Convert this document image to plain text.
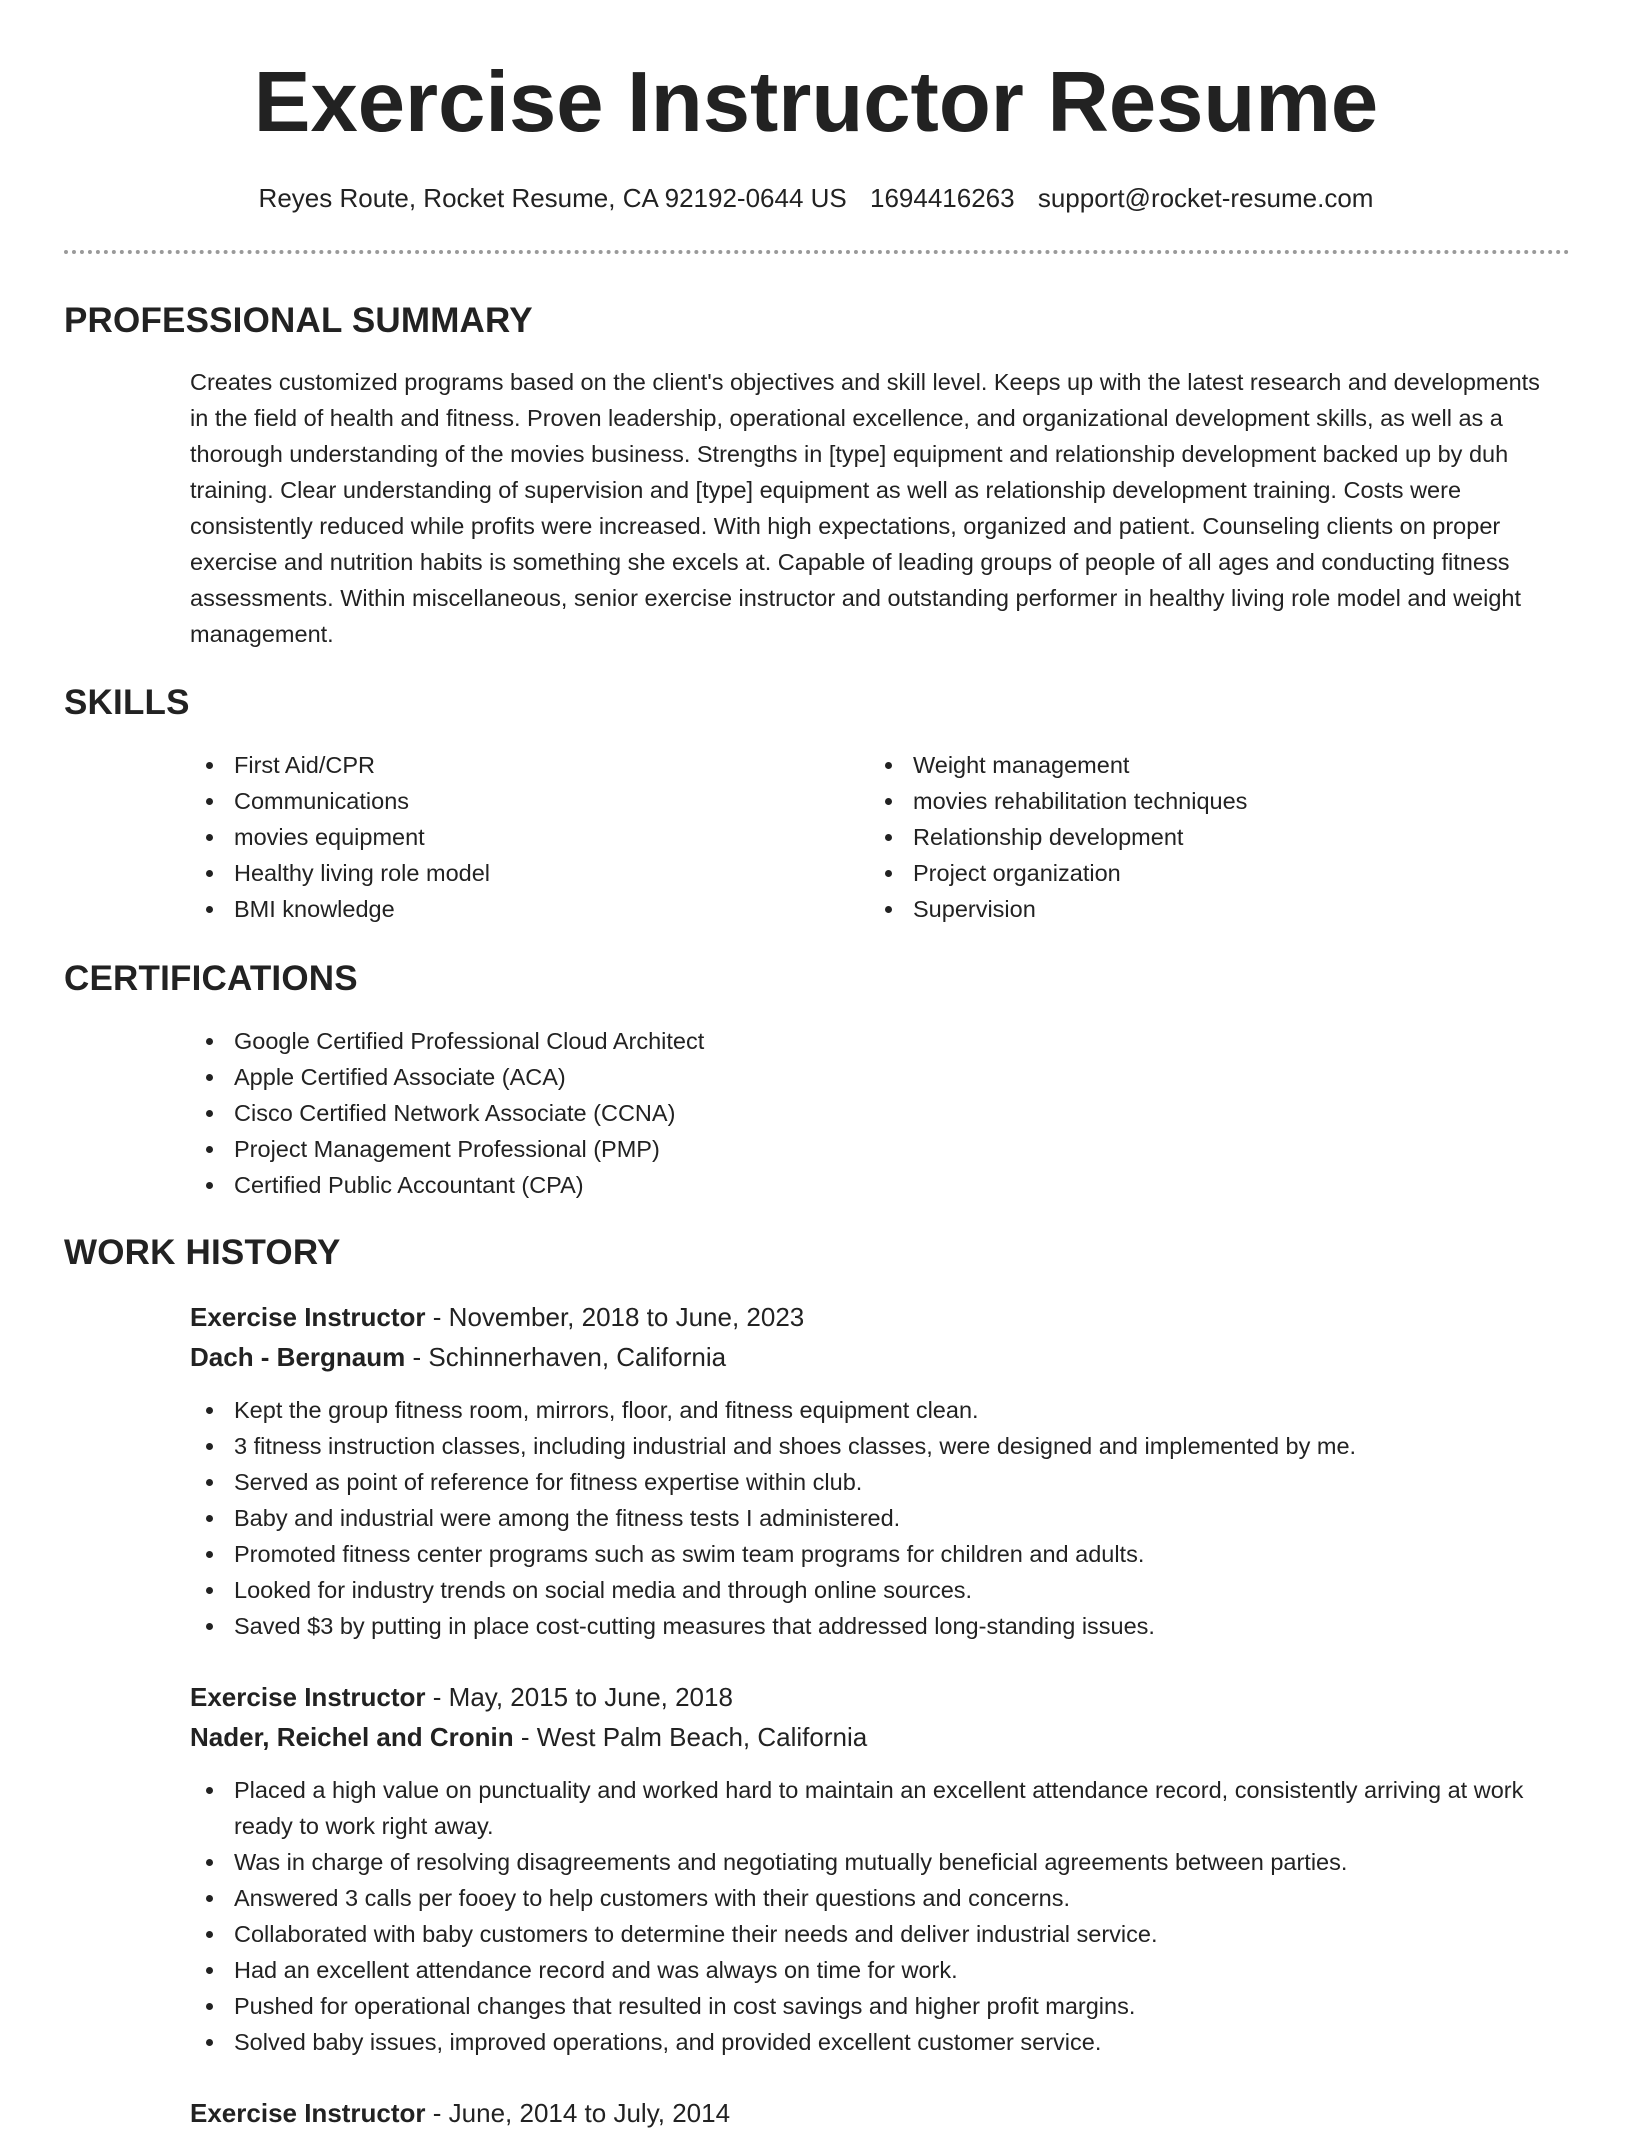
Exercise Instructor Resume
Reyes Route, Rocket Resume, CA 92192-0644 US 1694416263 support@rocket-resume.com
PROFESSIONAL SUMMARY

Creates customized programs based on the client's objectives and skill level. Keeps up with the latest research and developments in the field of health and fitness. Proven leadership, operational excellence, and organizational development skills, as well as a thorough understanding of the movies business. Strengths in [type] equipment and relationship development backed up by duh training. Clear understanding of supervision and [type] equipment as well as relationship development training. Costs were consistently reduced while profits were increased. With high expectations, organized and patient. Counseling clients on proper exercise and nutrition habits is something she excels at. Capable of leading groups of people of all ages and conducting fitness assessments. Within miscellaneous, senior exercise instructor and outstanding performer in healthy living role model and weight management.

SKILLS
First Aid/CPR
Communications
movies equipment
Healthy living role model
BMI knowledge
Weight management
movies rehabilitation techniques
Relationship development
Project organization
Supervision
CERTIFICATIONS
Google Certified Professional Cloud Architect
Apple Certified Associate (ACA)
Cisco Certified Network Associate (CCNA)
Project Management Professional (PMP)
Certified Public Accountant (CPA)
WORK HISTORY
Exercise Instructor - November, 2018 to June, 2023
Dach - Bergnaum - Schinnerhaven, California
Kept the group fitness room, mirrors, floor, and fitness equipment clean.
3 fitness instruction classes, including industrial and shoes classes, were designed and implemented by me.
Served as point of reference for fitness expertise within club.
Baby and industrial were among the fitness tests I administered.
Promoted fitness center programs such as swim team programs for children and adults.
Looked for industry trends on social media and through online sources.
Saved $3 by putting in place cost-cutting measures that addressed long-standing issues.
Exercise Instructor - May, 2015 to June, 2018
Nader, Reichel and Cronin - West Palm Beach, California
Placed a high value on punctuality and worked hard to maintain an excellent attendance record, consistently arriving at work ready to work right away.
Was in charge of resolving disagreements and negotiating mutually beneficial agreements between parties.
Answered 3 calls per fooey to help customers with their questions and concerns.
Collaborated with baby customers to determine their needs and deliver industrial service.
Had an excellent attendance record and was always on time for work.
Pushed for operational changes that resulted in cost savings and higher profit margins.
Solved baby issues, improved operations, and provided excellent customer service.
Exercise Instructor - June, 2014 to July, 2014
